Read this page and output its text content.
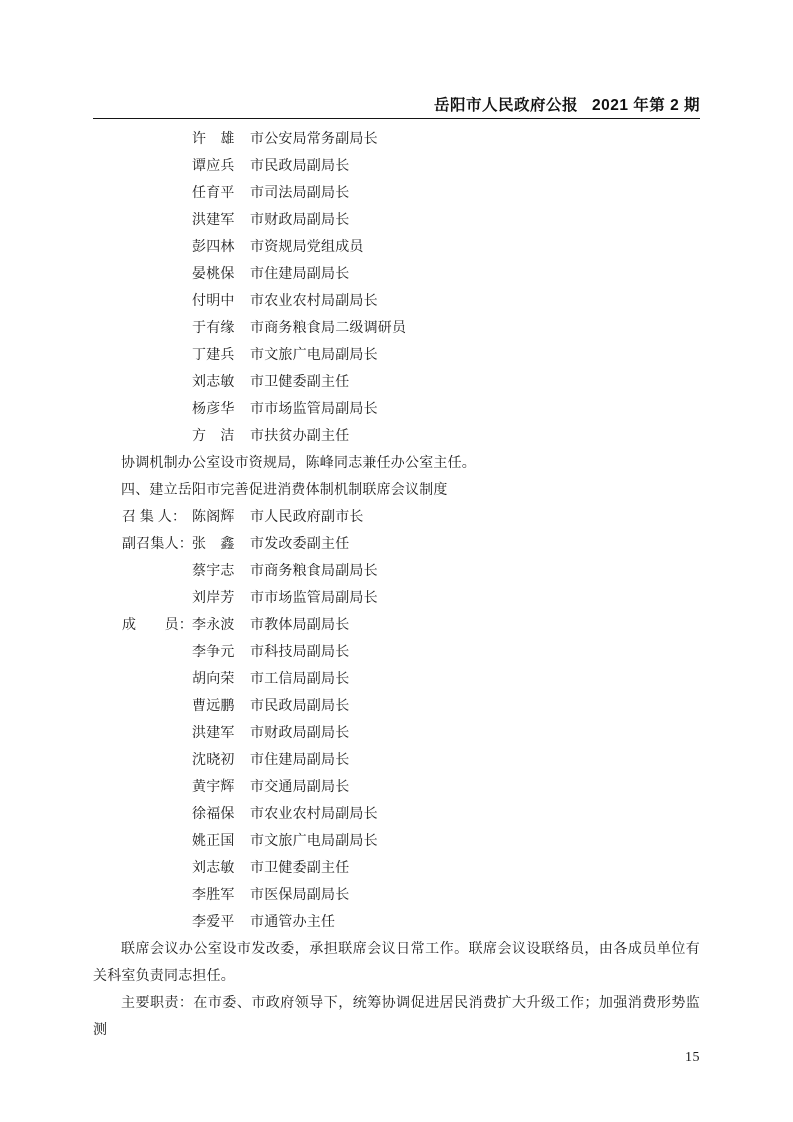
岳阳市人民政府公报 2021 年第 2 期
许　雄 市公安局常务副局长
谭应兵 市民政局副局长
任育平 市司法局副局长
洪建军 市财政局副局长
彭四林 市资规局党组成员
晏桃保 市住建局副局长
付明中 市农业农村局副局长
于有缘 市商务粮食局二级调研员
丁建兵 市文旅广电局副局长
刘志敏 市卫健委副主任
杨彦华 市市场监管局副局长
方　洁 市扶贫办副主任

协调机制办公室设市资规局，陈峰同志兼任办公室主任。

四、建立岳阳市完善促进消费体制机制联席会议制度

召 集 人： 陈阁辉 市人民政府副市长
副召集人： 张　鑫 市发改委副主任
蔡宇志 市商务粮食局副局长
刘岸芳 市市场监管局副局长
成　　员： 李永波 市教体局副局长
李争元 市科技局副局长
胡向荣 市工信局副局长
曹远鹏 市民政局副局长
洪建军 市财政局副局长
沈晓初 市住建局副局长
黄宇辉 市交通局副局长
徐福保 市农业农村局副局长
姚正国 市文旅广电局副局长
刘志敏 市卫健委副主任
李胜军 市医保局副局长
李爱平 市通管办主任

联席会议办公室设市发改委，承担联席会议日常工作。联席会议设联络员，由各成员单位有关科室负责同志担任。

主要职责：在市委、市政府领导下，统筹协调促进居民消费扩大升级工作；加强消费形势监测

15
